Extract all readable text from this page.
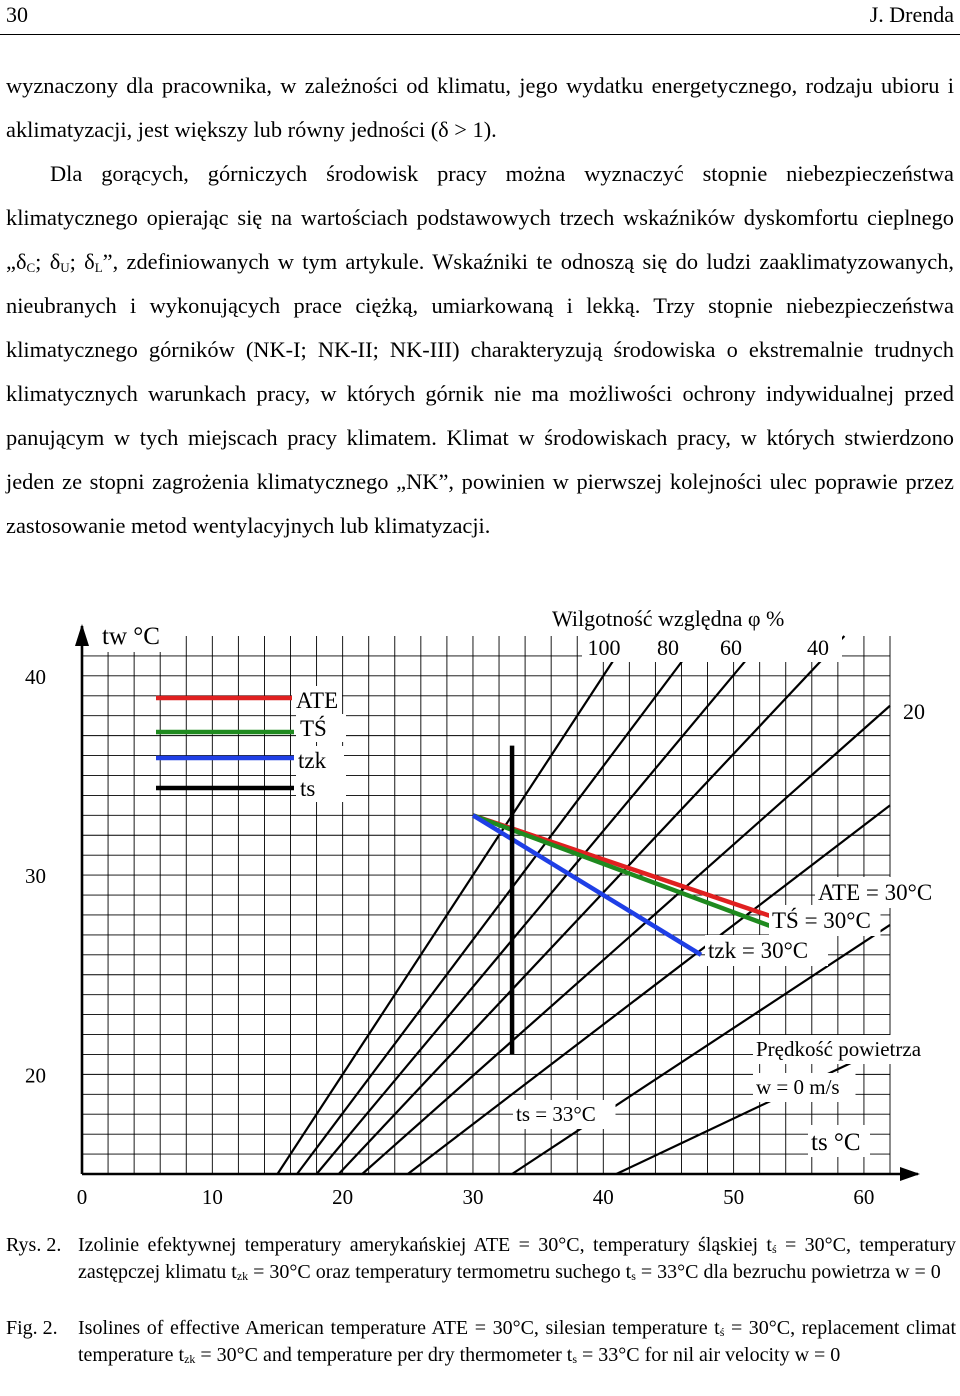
30	J. Drenda

wyznaczony dla pracownika, w zależności od klimatu, jego wydatku energetycznego, rodzaju ubioru i aklimatyzacji, jest większy lub równy jedności (δ > 1).

Dla gorących, górniczych środowisk pracy można wyznaczyć stopnie niebezpieczeństwa klimatycznego opierając się na wartościach podstawowych trzech wskaźników dyskomfortu cieplnego $„\delta_C$; $\delta_U$; $\delta_L$”, zdefiniowanych w tym artykule. Wskaźniki te odnoszą się do ludzi zaaklimatyzowanych, nieubranych i wykonujących prace ciężką, umiarkowaną i lekką. Trzy stopnie niebezpieczeństwa klimatycznego górników (NK-I; NK-II; NK-III) charakteryzują środowiska o ekstremalnie trudnych klimatycznych warunkach pracy, w których górnik nie ma możliwości ochrony indywidualnej przed panującym w tych miejscach pracy klimatem. Klimat w środowiskach pracy, w których stwierdzono jeden ze stopni zagrożenia klimatycznego „NK”, powinien w pierwszej kolejności ulec poprawie przez zastosowanie metod wentylacyjnych lub klimatyzacji.

0	10	20	30	40	50	60
20
30
40
ATE
TŚ
tzk
ts
Wilgotność względna φ %
100 80 60	40
20
tw °C
ts °C
ATE = 30°C
TŚ = 30°C
tzk = 30°C
ts = 33°C
Prędkość powietrza
w = 0 m/s
Rys. 2. Izolinie efektywnej temperatury amerykańskiej ATE = 30°C, temperatury śląskiej $t_ś = 30^\circ C$, temperatury zastępczej klimatu $t_{zk} = 30^\circ C$ oraz temperatury termometru suchego $t_s = 33^\circ C$ dla bezruchu powietrza w = 0
Fig. 2. Isolines of effective American temperature ATE = 30°C, silesian temperature $t_ś = 30^\circ C$, replacement climat temperature $t_{zk} = 30^\circ C$ and temperature per dry thermometer $t_s = 33^\circ C$ for nil air velocity w = 0
